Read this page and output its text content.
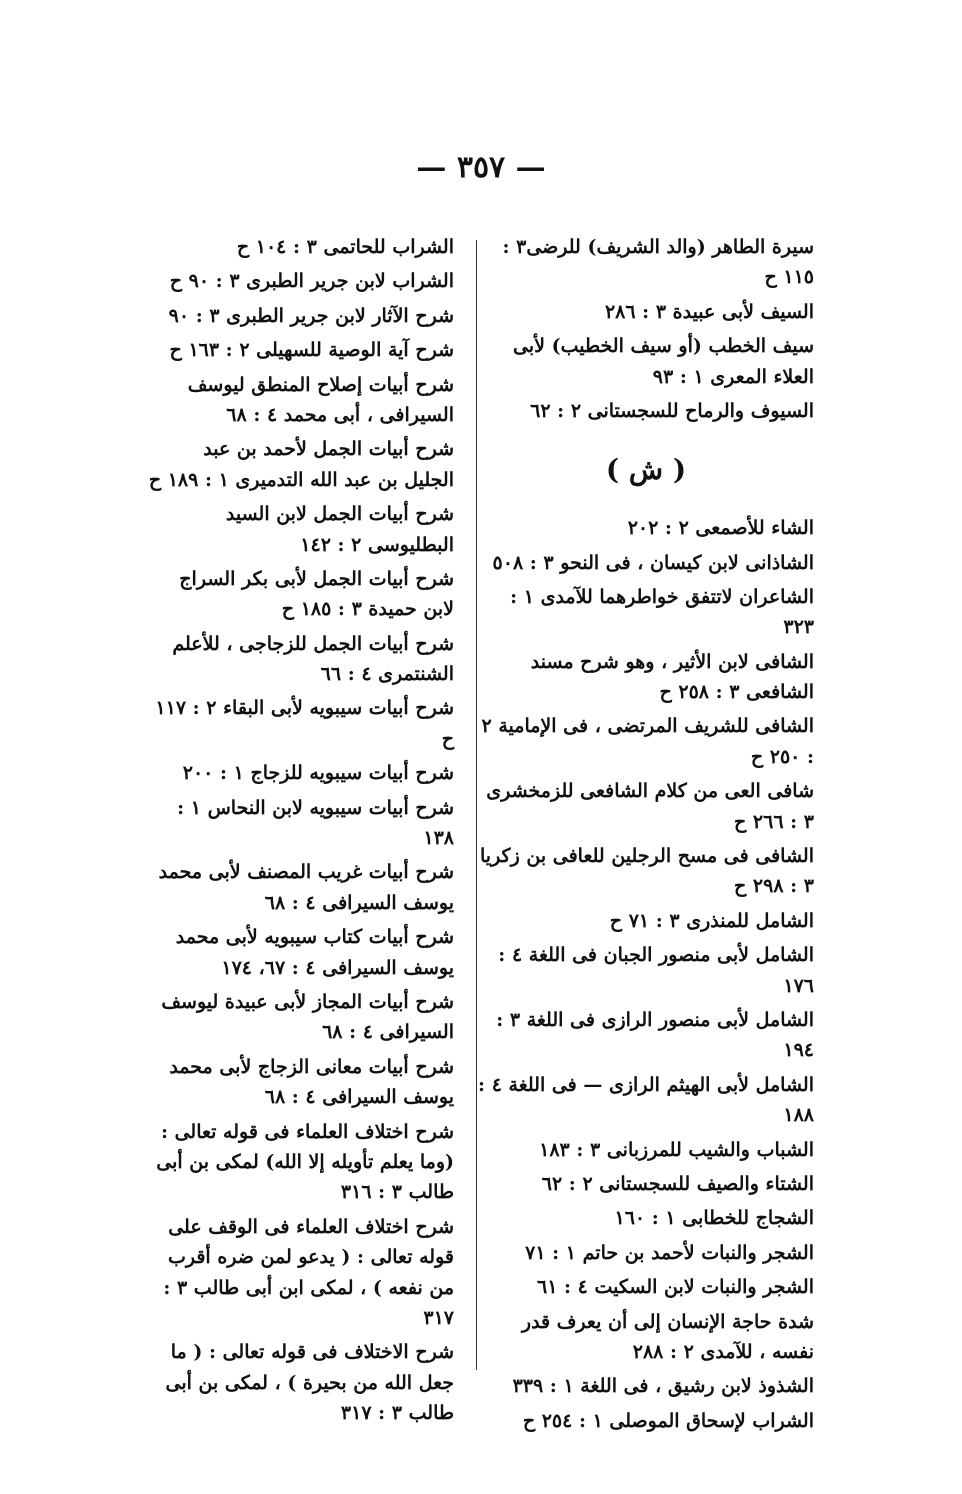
— ٣٥٧ —
سيرة الطاهر (والد الشريف) للرضى٣ : ١١٥ ح
السيف لأبى عبيدة ٣ : ٢٨٦
سيف الخطب (أو سيف الخطيب) لأبى العلاء المعرى ١ : ٩٣
السيوف والرماح للسجستانى ٢ : ٦٢
( ش )
الشاء للأصمعى ٢ : ٢٠٢
الشاذانى لابن كيسان ، فى النحو ٣ : ٥٠٨
الشاعران لاتتفق خواطرهما للآمدى ١ : ٣٢٣
الشافى لابن الأثير ، وهو شرح مسند الشافعى ٣ : ٢٥٨ ح
الشافى للشريف المرتضى ، فى الإمامية ٢ : ٢٥٠ ح
شافى العى من كلام الشافعى للزمخشرى ٣ : ٢٦٦ ح
الشافى فى مسح الرجلين للعافى بن زكريا ٣ : ٢٩٨ ح
الشامل للمنذرى ٣ : ٧١ ح
الشامل لأبى منصور الجبان فى اللغة ٤ : ١٧٦
الشامل لأبى منصور الرازى فى اللغة ٣ : ١٩٤
الشامل لأبى الهيثم الرازى — فى اللغة ٤ : ١٨٨
الشباب والشيب للمرزبانى ٣ : ١٨٣
الشتاء والصيف للسجستانى ٢ : ٦٢
الشجاج للخطابى ١ : ١٦٠
الشجر والنبات لأحمد بن حاتم ١ : ٧١
الشجر والنبات لابن السكيت ٤ : ٦١
شدة حاجة الإنسان إلى أن يعرف قدر نفسه ، للآمدى ٢ : ٢٨٨
الشذوذ لابن رشيق ، فى اللغة ١ : ٣٣٩
الشراب لإسحاق الموصلى ١ : ٢٥٤ ح
الشراب للحاتمى ٣ : ١٠٤ ح
الشراب لابن جرير الطبرى ٣ : ٩٠ ح
شرح الآثار لابن جرير الطبرى ٣ : ٩٠
شرح آية الوصية للسهيلى ٢ : ١٦٣ ح
شرح أبيات إصلاح المنطق ليوسف السيرافى ، أبى محمد ٤ : ٦٨
شرح أبيات الجمل لأحمد بن عبد الجليل بن عبد الله التدميرى ١ : ١٨٩ ح
شرح أبيات الجمل لابن السيد البطليوسى ٢ : ١٤٢
شرح أبيات الجمل لأبى بكر السراج لابن حميدة ٣ : ١٨٥ ح
شرح أبيات الجمل للزجاجى ، للأعلم الشنتمرى ٤ : ٦٦
شرح أبيات سيبويه لأبى البقاء ٢ : ١١٧ ح
شرح أبيات سيبويه للزجاج ١ : ٢٠٠
شرح أبيات سيبويه لابن النحاس ١ : ١٣٨
شرح أبيات غريب المصنف لأبى محمد يوسف السيرافى ٤ : ٦٨
شرح أبيات كتاب سيبويه لأبى محمد يوسف السيرافى ٤ : ٦٧، ١٧٤
شرح أبيات المجاز لأبى عبيدة ليوسف السيرافى ٤ : ٦٨
شرح أبيات معانى الزجاج لأبى محمد يوسف السيرافى ٤ : ٦٨
شرح اختلاف العلماء فى قوله تعالى : (وما يعلم تأويله إلا الله) لمكى بن أبى طالب ٣ : ٣١٦
شرح اختلاف العلماء فى الوقف على قوله تعالى : ( يدعو لمن ضره أقرب من نفعه ) ، لمكى ابن أبى طالب ٣ : ٣١٧
شرح الاختلاف فى قوله تعالى : ( ما جعل الله من بحيرة ) ، لمكى بن أبى طالب ٣ : ٣١٧
